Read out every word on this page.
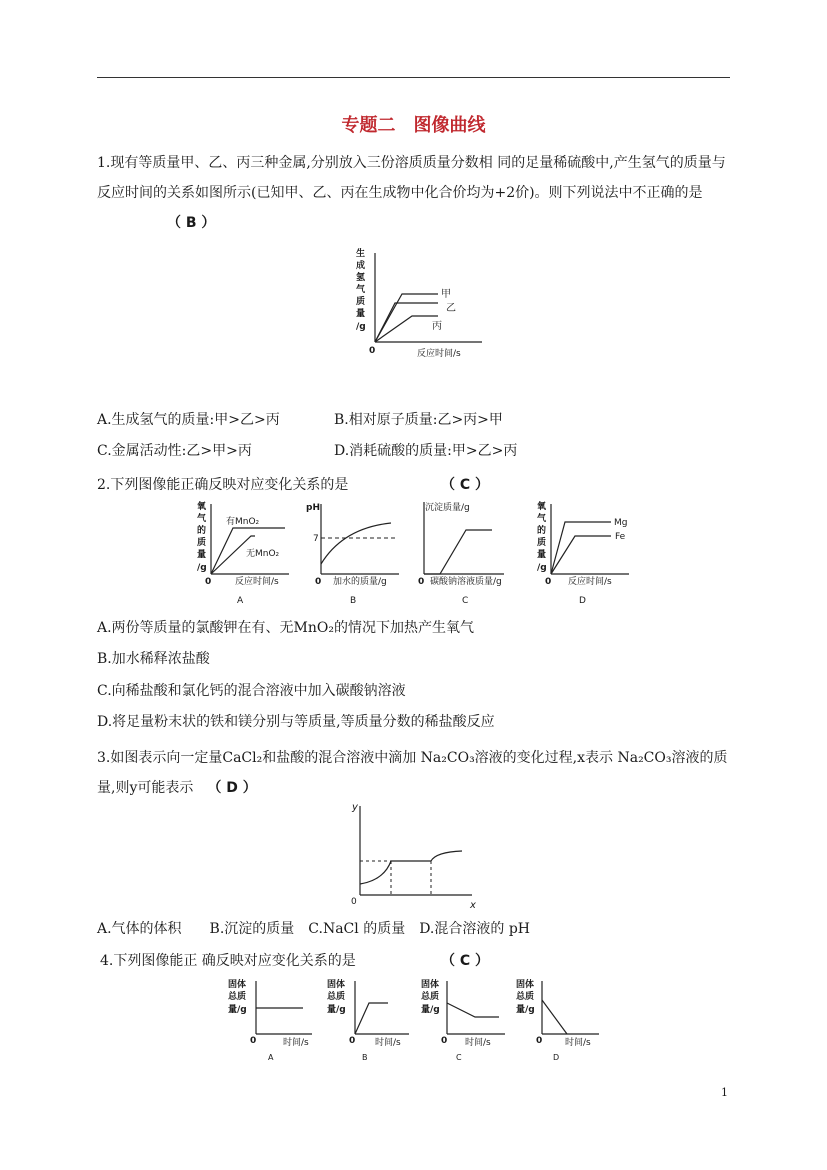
专题二　图像曲线
1.现有等质量甲、乙、丙三种金属,分别放入三份溶质质量分数相 同的足量稀硫酸中,产生氢气的质量与反应时间的关系如图所示(已知甲、乙、丙在生成物中化合价均为+2价)。则下列说法中不正确的是（ B ）
生
成
氢
气
质
量
/g
甲
乙
丙
0	反应时间/s
A.生成氢气的质量:甲>乙>丙	B.相对原子质量:乙>丙>甲
C.金属活动性:乙>甲>丙	D.消耗硫酸的质量:甲>乙>丙
2.下列图像能正确反映对应变化关系的是	（ C ）
氧
气
的
质
量
/g
有MnO₂
无MnO₂
0	反应时间/s
A
pH
7
0 加水的质量/g
B
沉淀质量/g
0 碳酸钠溶液质量/g
C
氧
气
的
质
量
/g
Mg
Fe
0 反应时间/s
D
A.两份等质量的氯酸钾在有、无MnO₂的情况下加热产生氧气
B.加水稀释浓盐酸
C.向稀盐酸和氯化钙的混合溶液中加入碳酸钠溶液
D.将足量粉末状的铁和镁分别与等质量,等质量分数的稀盐酸反应
3.如图表示向一定量CaCl₂和盐酸的混合溶液中滴加 Na₂CO₃溶液的变化过程,x表示 Na₂CO₃溶液的质量,则y可能表示 （ D ）
y
0	x
A.气体的体积　　B.沉淀的质量　C.NaCl 的质量　D.混合溶液的 pH
4.下列图像能正 确反映对应变化关系的是	（ C ）
固体
总质
量/g
0	时间/s
A
固体
总质
量/g
0 时间/s
B
固体
总质
量/g
0 时间/s
C
固体
总质
量/g
0	时间/s
D
1
